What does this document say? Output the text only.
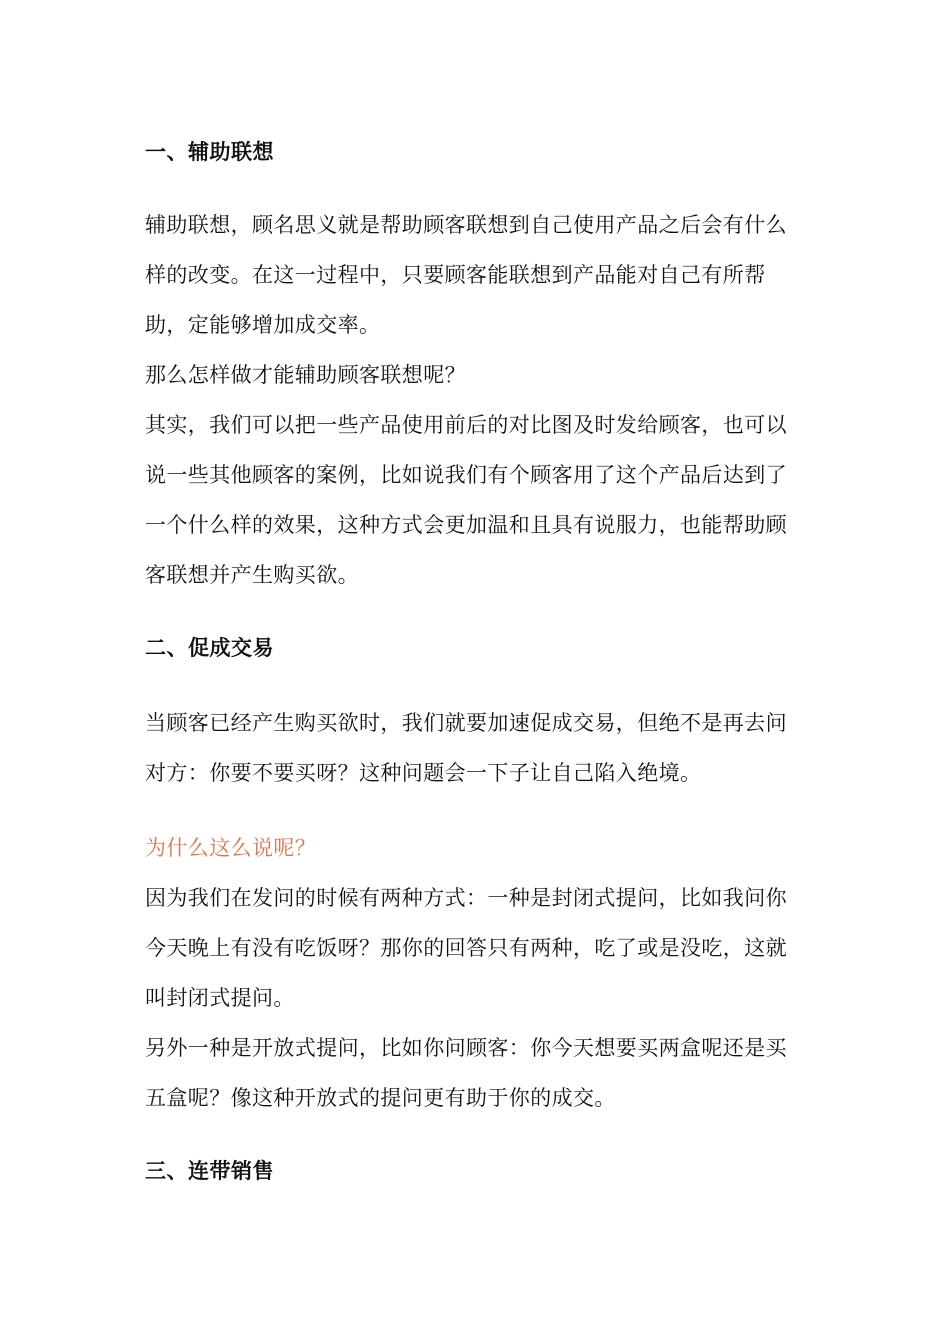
一、辅助联想

辅助联想，顾名思义就是帮助顾客联想到自己使用产品之后会有什么样的改变。在这一过程中，只要顾客能联想到产品能对自己有所帮助，定能够增加成交率。

那么怎样做才能辅助顾客联想呢？

其实，我们可以把一些产品使用前后的对比图及时发给顾客，也可以说一些其他顾客的案例，比如说我们有个顾客用了这个产品后达到了一个什么样的效果，这种方式会更加温和且具有说服力，也能帮助顾客联想并产生购买欲。

二、促成交易

当顾客已经产生购买欲时，我们就要加速促成交易，但绝不是再去问对方：你要不要买呀？这种问题会一下子让自己陷入绝境。

为什么这么说呢？

因为我们在发问的时候有两种方式：一种是封闭式提问，比如我问你今天晚上有没有吃饭呀？那你的回答只有两种，吃了或是没吃，这就叫封闭式提问。

另外一种是开放式提问，比如你问顾客：你今天想要买两盒呢还是买五盒呢？像这种开放式的提问更有助于你的成交。

三、连带销售
